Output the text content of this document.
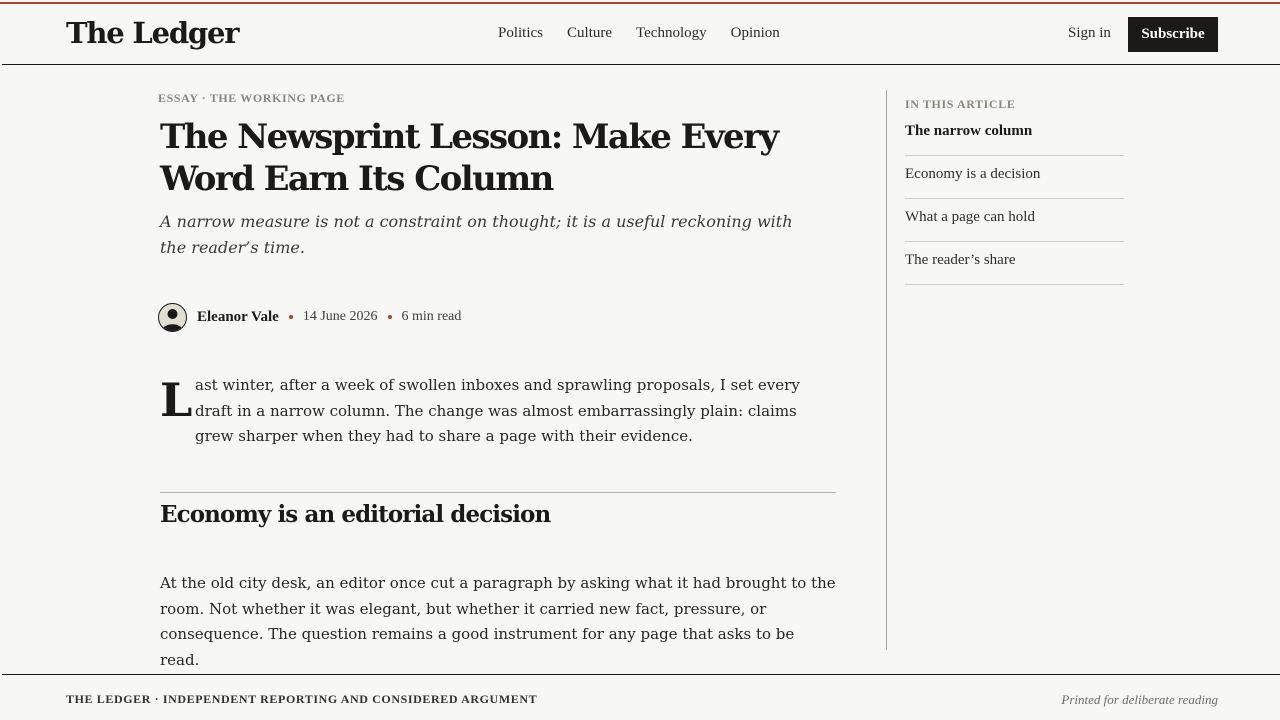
The Ledger	Politics Culture Technology Opinion	Sign in	Subscribe
ESSAY · THE WORKING PAGE
The Newsprint Lesson: Make Every Word Earn Its Column

A narrow measure is not a constraint on thought; it is a useful reckoning with the reader’s time.

Eleanor Vale 14 June 2026 6 min read
L ast winter, after a week of swollen inboxes and sprawling proposals, I set every draft in a narrow column. The change was almost embarrassingly plain: claims grew sharper when they had to share a page with their evidence.

Economy is an editorial decision

At the old city desk, an editor once cut a paragraph by asking what it had brought to the room. Not whether it was elegant, but whether it carried new fact, pressure, or consequence. The question remains a good instrument for any page that asks to be read.

IN THIS ARTICLE
The narrow column
Economy is a decision
What a page can hold
The reader’s share
THE LEDGER · INDEPENDENT REPORTING AND CONSIDERED ARGUMENT	Printed for deliberate reading
